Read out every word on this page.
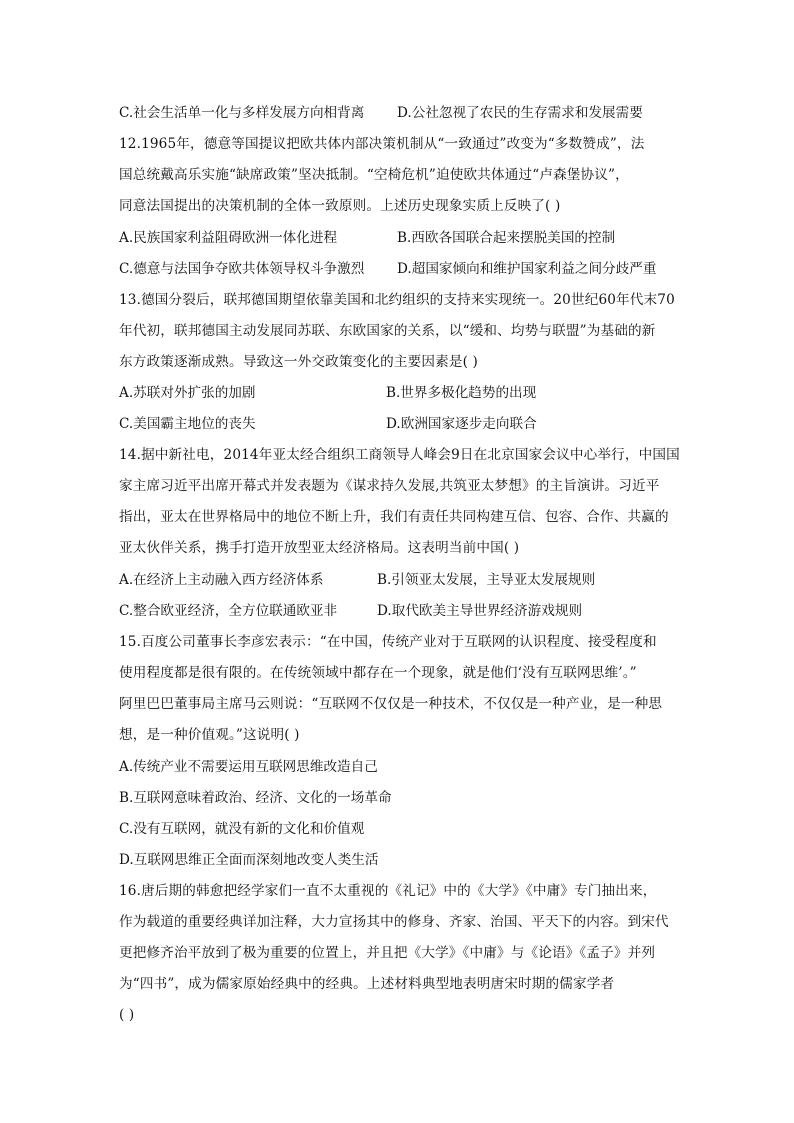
C.社会生活单一化与多样发展方向相背离 D.公社忽视了农民的生存需求和发展需要
12.1965年，德意等国提议把欧共体内部决策机制从“一致通过”改变为“多数赞成”，法
国总统戴高乐实施“缺席政策”坚决抵制。“空椅危机”迫使欧共体通过“卢森堡协议”，
同意法国提出的决策机制的全体一致原则。上述历史现象实质上反映了( )
A.民族国家利益阻碍欧洲一体化进程	B.西欧各国联合起来摆脱美国的控制
C.德意与法国争夺欧共体领导权斗争激烈 D.超国家倾向和维护国家利益之间分歧严重
13.德国分裂后，联邦德国期望依靠美国和北约组织的支持来实现统一。20世纪60年代末70
年代初，联邦德国主动发展同苏联、东欧国家的关系，以“缓和、均势与联盟”为基础的新
东方政策逐渐成熟。导致这一外交政策变化的主要因素是( )
A.苏联对外扩张的加剧	B.世界多极化趋势的出现
C.美国霸主地位的丧失	D.欧洲国家逐步走向联合
14.据中新社电，2014年亚太经合组织工商领导人峰会9日在北京国家会议中心举行，中国国
家主席习近平出席开幕式并发表题为《谋求持久发展,共筑亚太梦想》的主旨演讲。习近平
指出，亚太在世界格局中的地位不断上升，我们有责任共同构建互信、包容、合作、共赢的
亚太伙伴关系，携手打造开放型亚太经济格局。这表明当前中国( )
A.在经济上主动融入西方经济体系	B.引领亚太发展，主导亚太发展规则
C.整合欧亚经济，全方位联通欧亚非	D.取代欧美主导世界经济游戏规则
15.百度公司董事长李彦宏表示：“在中国，传统产业对于互联网的认识程度、接受程度和
使用程度都是很有限的。在传统领域中都存在一个现象，就是他们‘没有互联网思维’。”
阿里巴巴董事局主席马云则说：“互联网不仅仅是一种技术，不仅仅是一种产业，是一种思
想，是一种价值观。”这说明( )
A.传统产业不需要运用互联网思维改造自己
B.互联网意味着政治、经济、文化的一场革命
C.没有互联网，就没有新的文化和价值观
D.互联网思维正全面而深刻地改变人类生活
16.唐后期的韩愈把经学家们一直不太重视的《礼记》中的《大学》《中庸》专门抽出来，
作为载道的重要经典详加注释，大力宣扬其中的修身、齐家、治国、平天下的内容。到宋代
更把修齐治平放到了极为重要的位置上，并且把《大学》《中庸》与《论语》《孟子》并列
为“四书”，成为儒家原始经典中的经典。上述材料典型地表明唐宋时期的儒家学者
( )
